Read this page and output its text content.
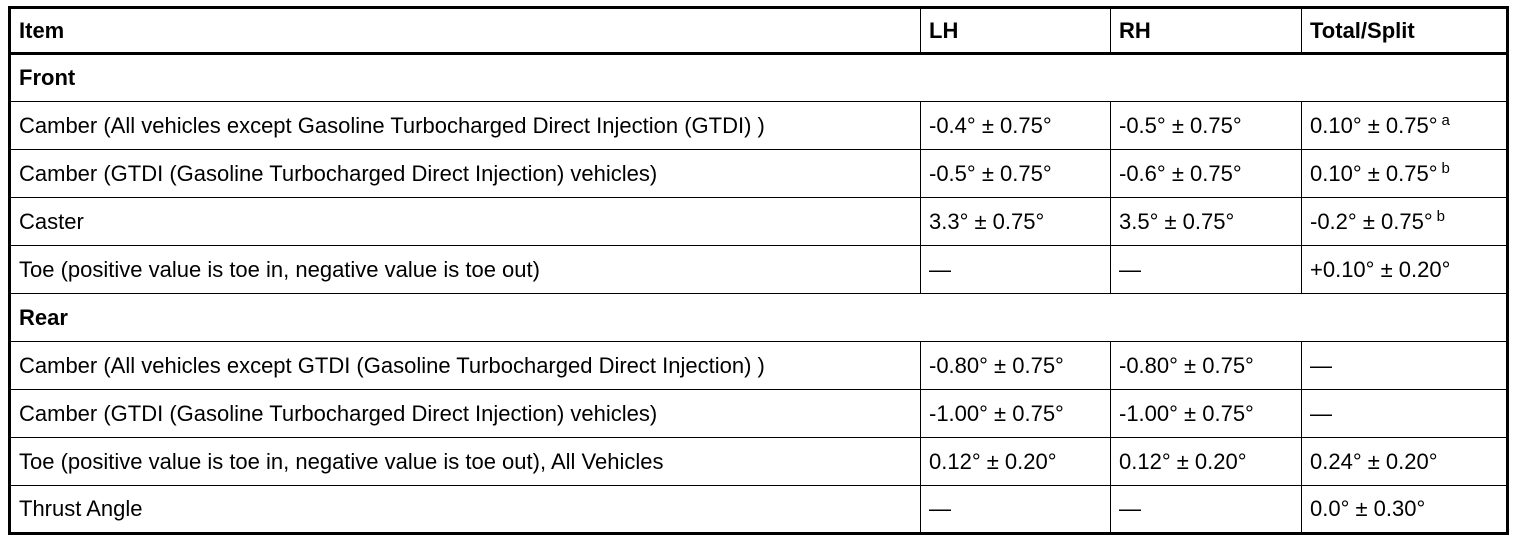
Item	LH	RH	Total/Split
Front			
Camber (All vehicles except Gasoline Turbocharged Direct Injection (GTDI) )	-0.4° ± 0.75°	-0.5° ± 0.75°	0.10° ± 0.75° $^a$
Camber (GTDI (Gasoline Turbocharged Direct Injection) vehicles)	-0.5° ± 0.75°	-0.6° ± 0.75°	0.10° ± 0.75° $^b$
Caster	3.3° ± 0.75°	3.5° ± 0.75°	-0.2° ± 0.75° $^b$
Toe (positive value is toe in, negative value is toe out)	—	—	+0.10° ± 0.20°
Rear			
Camber (All vehicles except GTDI (Gasoline Turbocharged Direct Injection) )	-0.80° ± 0.75°	-0.80° ± 0.75°	—
Camber (GTDI (Gasoline Turbocharged Direct Injection) vehicles)	-1.00° ± 0.75°	-1.00° ± 0.75°	—
Toe (positive value is toe in, negative value is toe out), All Vehicles	0.12° ± 0.20°	0.12° ± 0.20°	0.24° ± 0.20°
Thrust Angle	—	—	0.0° ± 0.30°
